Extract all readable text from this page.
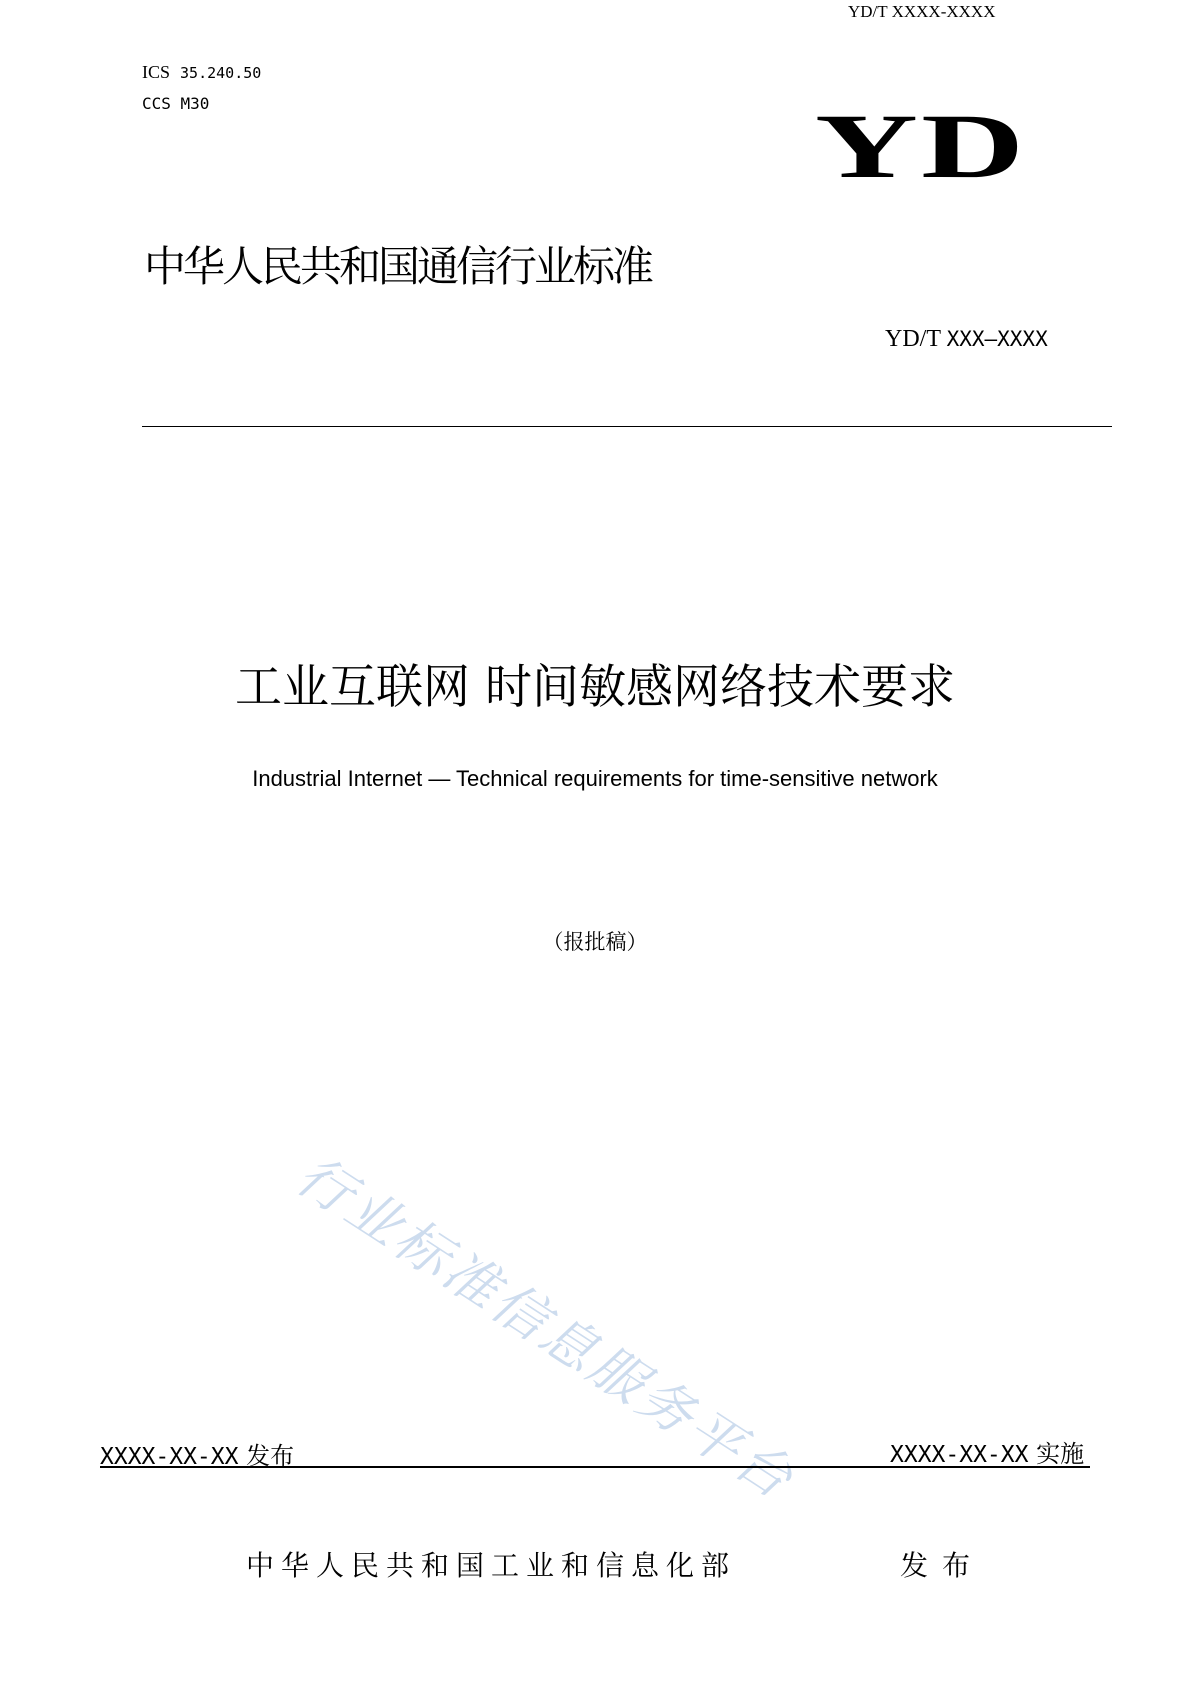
YD/T XXXX-XXXX
ICS 35.240.50
CCS M30	YD
中华人民共和国通信行业标准
YD/T XXX—XXXX
工业互联网 时间敏感网络技术要求
Industrial Internet — Technical requirements for time-sensitive network
（报批稿）
行业标准信息服务平台
XXXX-XX-XX 发布	XXXX-XX-XX 实施
中华人民共和国工业和信息化部	发布
